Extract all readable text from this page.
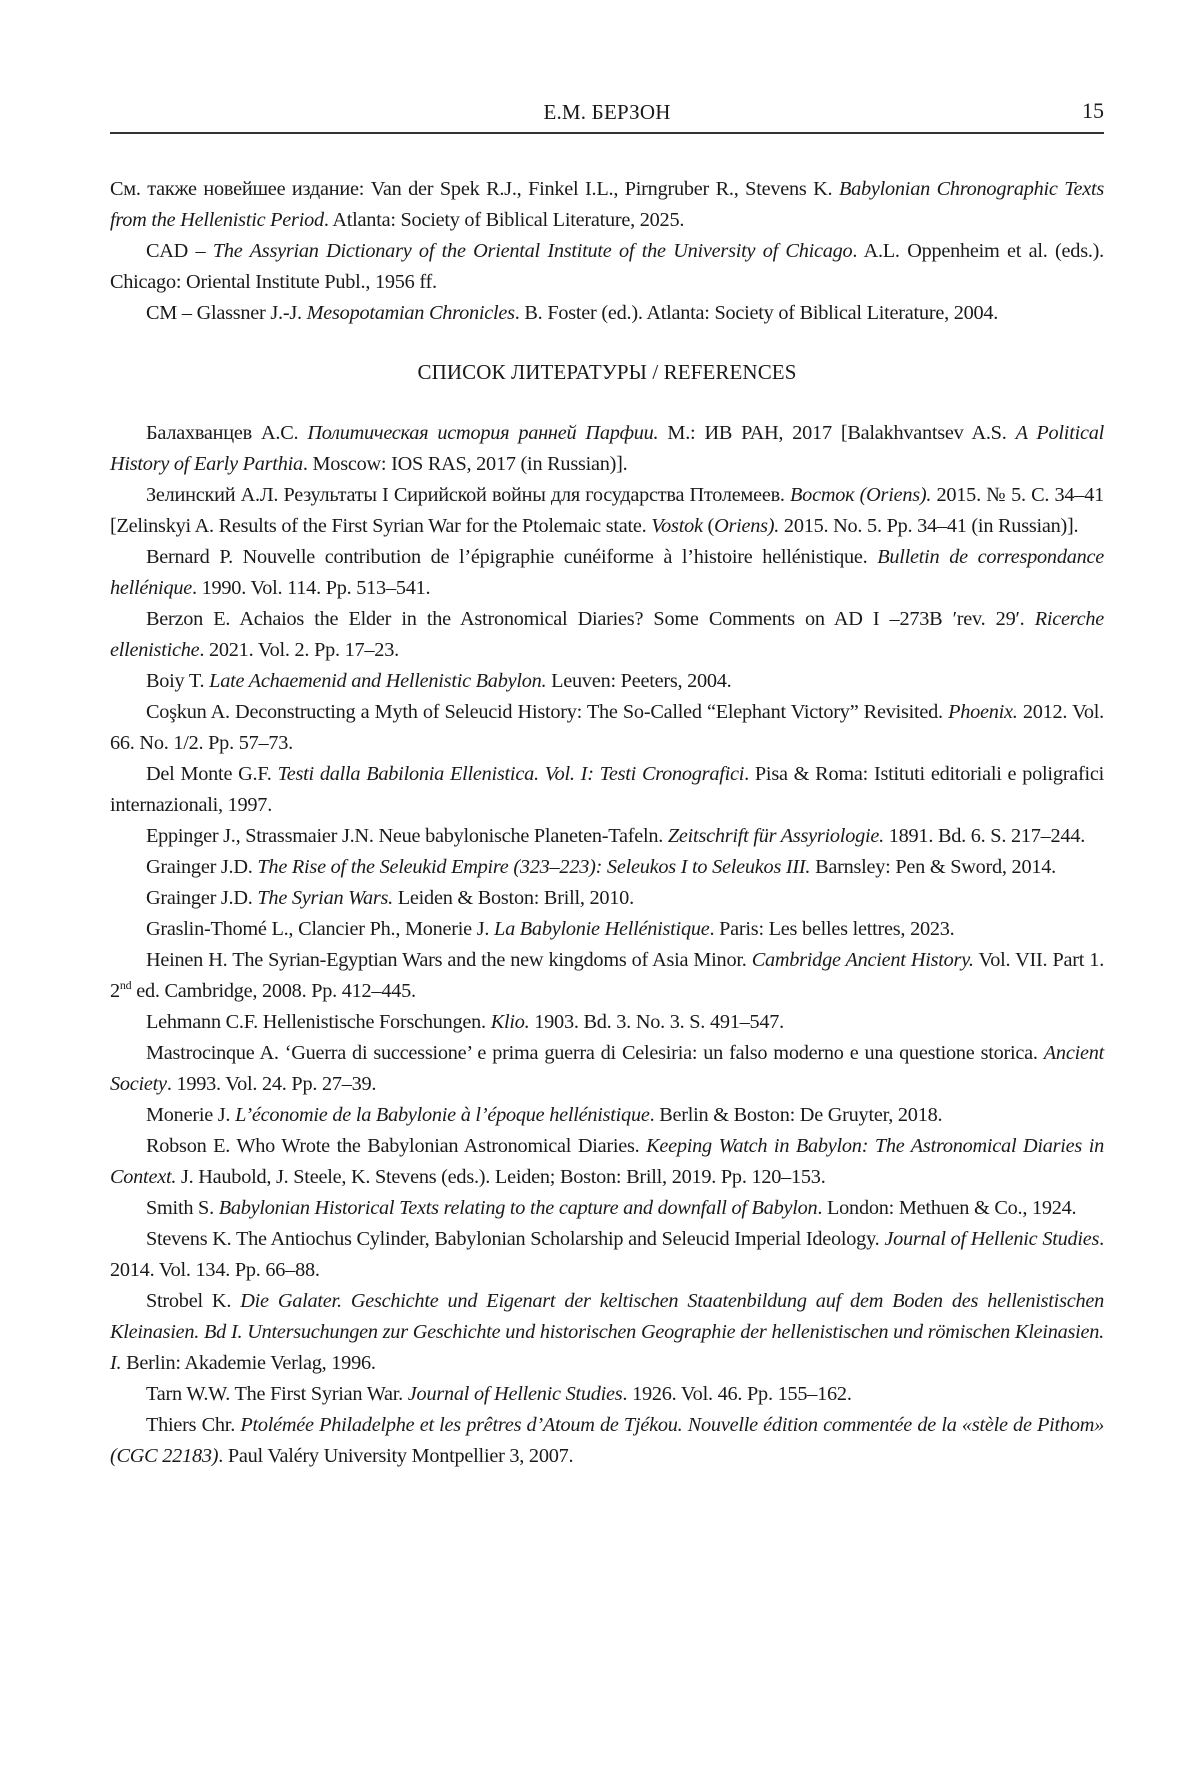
Е.М. БЕРЗОН	15

См. также новейшее издание: Van der Spek R.J., Finkel I.L., Pirngruber R., Stevens K. Babylonian Chronographic Texts from the Hellenistic Period. Atlanta: Society of Biblical Literature, 2025.

CAD – The Assyrian Dictionary of the Oriental Institute of the University of Chicago. A.L. Oppenheim et al. (eds.). Chicago: Oriental Institute Publ., 1956 ff.

CM – Glassner J.-J. Mesopotamian Chronicles. B. Foster (ed.). Atlanta: Society of Biblical Literature, 2004.

СПИСОК ЛИТЕРАТУРЫ / REFERENCES

Балахванцев А.С. Политическая история ранней Парфии. М.: ИВ РАН, 2017 [Balakhvantsev A.S. A Political History of Early Parthia. Moscow: IOS RAS, 2017 (in Russian)].

Зелинский А.Л. Результаты I Сирийской войны для государства Птолемеев. Восток (Oriens). 2015. № 5. С. 34–41 [Zelinskyi A. Results of the First Syrian War for the Ptolemaic state. Vostok (Oriens). 2015. No. 5. Pp. 34–41 (in Russian)].

Bernard P. Nouvelle contribution de l’épigraphie cunéiforme à l’histoire hellénistique. Bulletin de correspondance hellénique. 1990. Vol. 114. Pp. 513–541.

Berzon E. Achaios the Elder in the Astronomical Diaries? Some Comments on AD I –273B ′rev. 29′. Ricerche ellenistiche. 2021. Vol. 2. Pp. 17–23.

Boiy T. Late Achaemenid and Hellenistic Babylon. Leuven: Peeters, 2004.

Coşkun A. Deconstructing a Myth of Seleucid History: The So-Called “Elephant Victory” Revisited. Phoenix. 2012. Vol. 66. No. 1/2. Pp. 57–73.

Del Monte G.F. Testi dalla Babilonia Ellenistica. Vol. I: Testi Cronografici. Pisa & Roma: Istituti editoriali e poligrafici internazionali, 1997.

Eppinger J., Strassmaier J.N. Neue babylonische Planeten-Tafeln. Zeitschrift für Assyriologie. 1891. Bd. 6. S. 217–244.

Grainger J.D. The Rise of the Seleukid Empire (323–223): Seleukos I to Seleukos III. Barnsley: Pen & Sword, 2014.

Grainger J.D. The Syrian Wars. Leiden & Boston: Brill, 2010.

Graslin-Thomé L., Clancier Ph., Monerie J. La Babylonie Hellénistique. Paris: Les belles lettres, 2023.

Heinen H. The Syrian-Egyptian Wars and the new kingdoms of Asia Minor. Cambridge Ancient History. Vol. VII. Part 1. 2nd ed. Cambridge, 2008. Pp. 412–445.

Lehmann C.F. Hellenistische Forschungen. Klio. 1903. Bd. 3. No. 3. S. 491–547.

Mastrocinque A. ‘Guerra di successione’ e prima guerra di Celesiria: un falso moderno e una questione storica. Ancient Society. 1993. Vol. 24. Pp. 27–39.

Monerie J. L’économie de la Babylonie à l’époque hellénistique. Berlin & Boston: De Gruyter, 2018.

Robson E. Who Wrote the Babylonian Astronomical Diaries. Keeping Watch in Babylon: The Astronomical Diaries in Context. J. Haubold, J. Steele, K. Stevens (eds.). Leiden; Boston: Brill, 2019. Pp. 120–153.

Smith S. Babylonian Historical Texts relating to the capture and downfall of Babylon. London: Methuen & Co., 1924.

Stevens K. The Antiochus Cylinder, Babylonian Scholarship and Seleucid Imperial Ideology. Journal of Hellenic Studies. 2014. Vol. 134. Pp. 66–88.

Strobel K. Die Galater. Geschichte und Eigenart der keltischen Staatenbildung auf dem Boden des hellenistischen Kleinasien. Bd I. Untersuchungen zur Geschichte und historischen Geographie der hellenistischen und römischen Kleinasien. I. Berlin: Akademie Verlag, 1996.

Tarn W.W. The First Syrian War. Journal of Hellenic Studies. 1926. Vol. 46. Pp. 155–162.

Thiers Chr. Ptolémée Philadelphe et les prêtres d’Atoum de Tjékou. Nouvelle édition commentée de la «stèle de Pithom» (CGC 22183). Paul Valéry University Montpellier 3, 2007.
